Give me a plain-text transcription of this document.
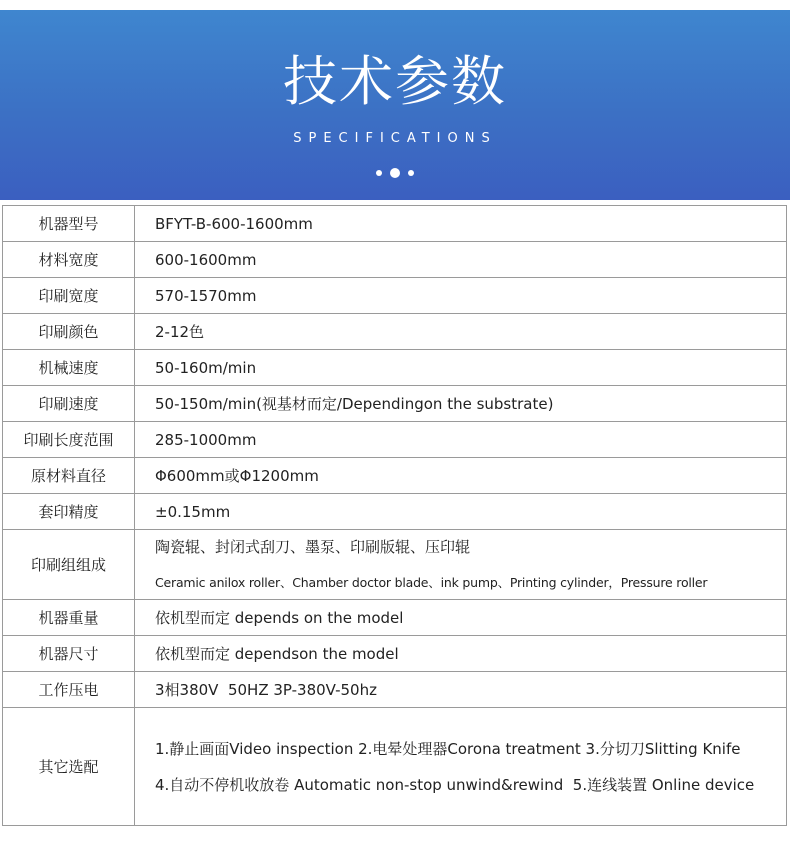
技术参数
SPECIFICATIONS
机器型号	BFYT-B-600-1600mm
材料宽度	600-1600mm
印刷宽度	570-1570mm
印刷颜色	2-12色
机械速度	50-160m/min
印刷速度	50-150m/min(视基材而定/Dependingon the substrate)
印刷长度范围	285-1000mm
原材料直径	Φ600mm或Φ1200mm
套印精度	±0.15mm
印刷组组成	陶瓷辊、封闭式刮刀、墨泵、印刷版辊、压印辊
Ceramic anilox roller、Chamber doctor blade、ink pump、Printing cylinder，Pressure roller

机器重量	依机型而定 depends on the model
机器尺寸	依机型而定 dependson the model
工作压电	3相380V  50HZ 3P-380V-50hz
其它选配	1.静止画面Video inspection 2.电晕处理器Corona treatment 3.分切刀Slitting Knife
4.自动不停机收放卷 Automatic non-stop unwind&rewind  5.连线装置 Online device
